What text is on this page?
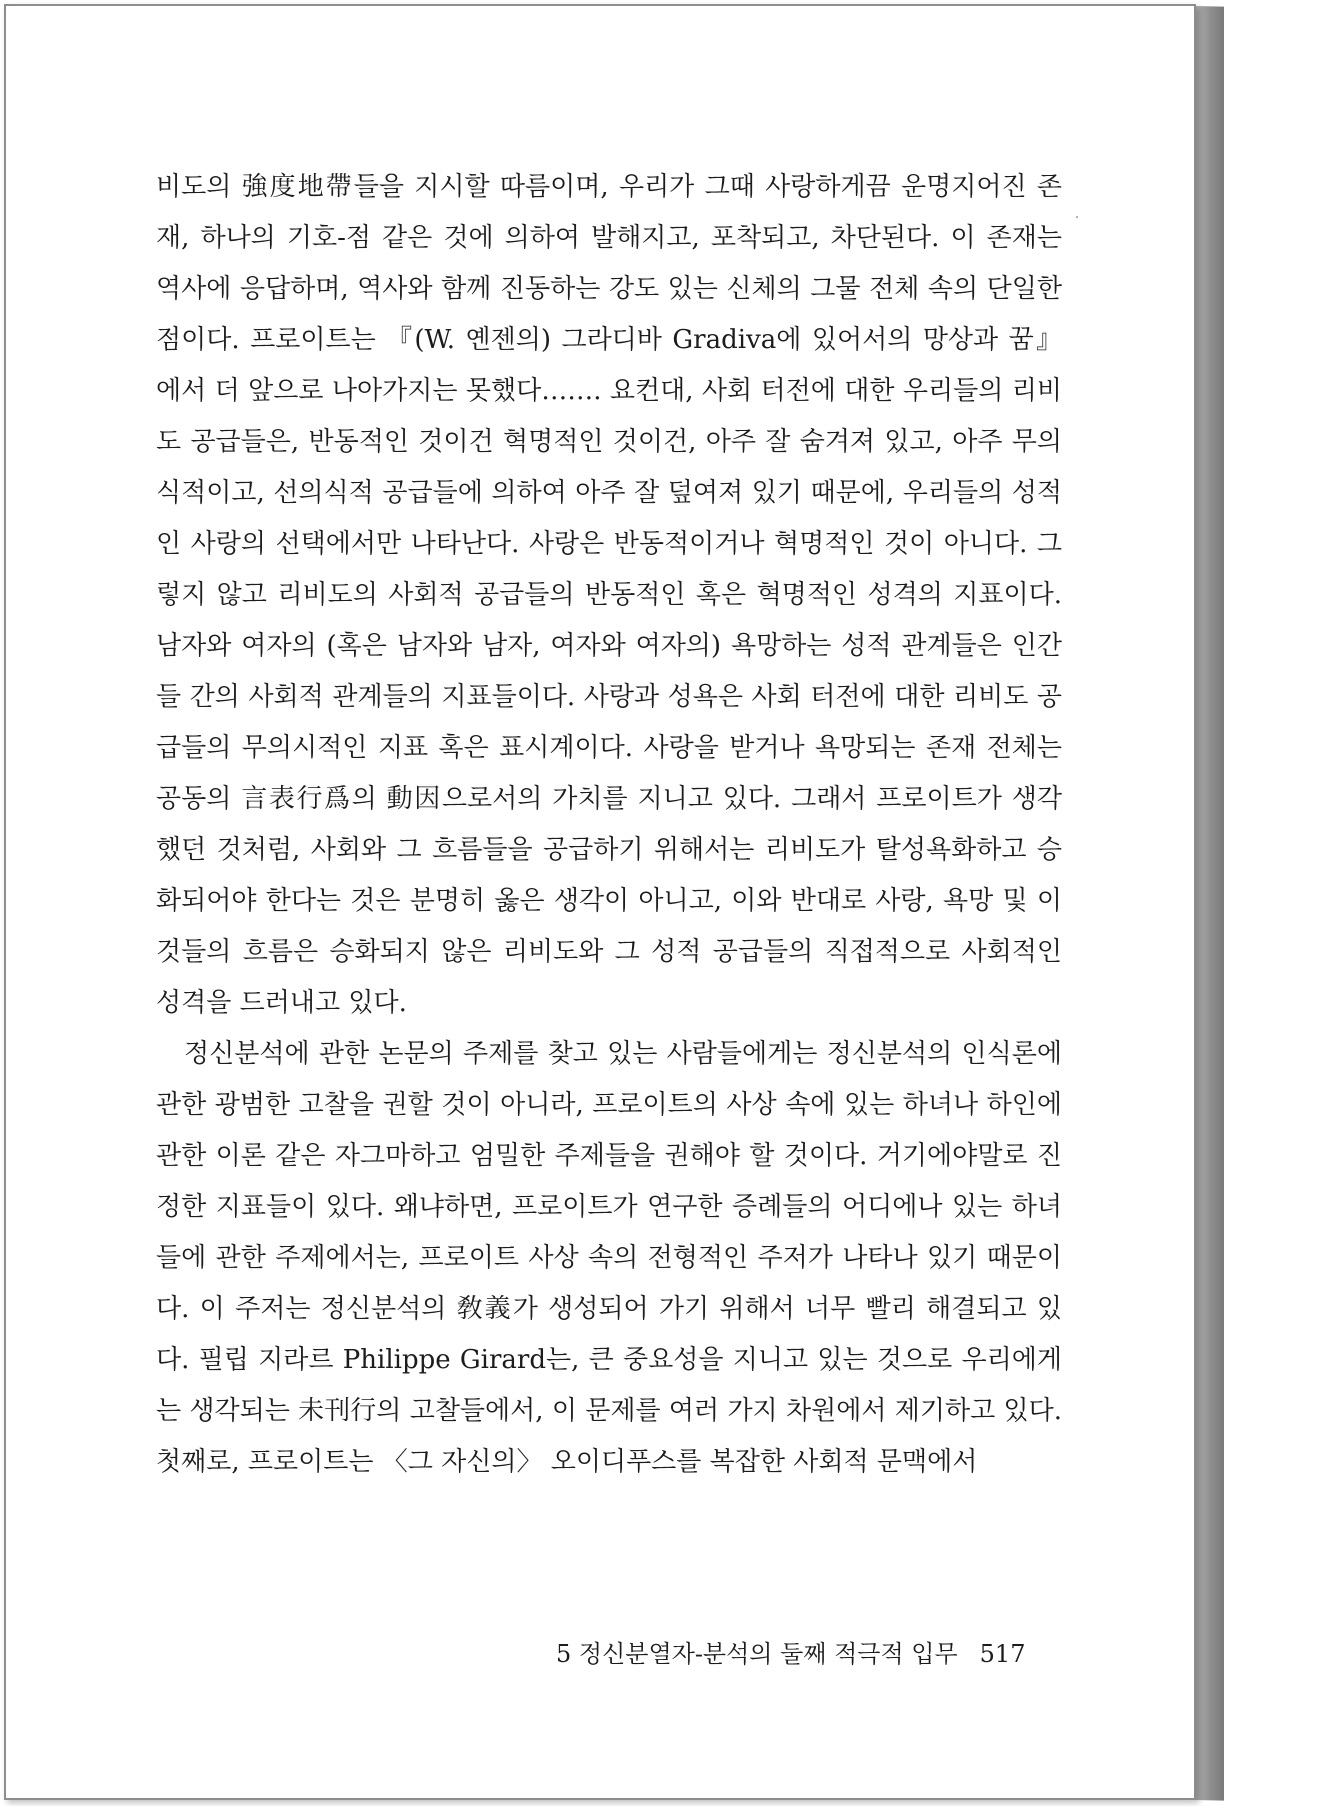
비도의 強度地帶들을 지시할 따름이며, 우리가 그때 사랑하게끔 운명지어진 존재, 하나의 기호-점 같은 것에 의하여 발해지고, 포착되고, 차단된다. 이 존재는 역사에 응답하며, 역사와 함께 진동하는 강도 있는 신체의 그물 전체 속의 단일한 점이다. 프로이트는 『(W. 옌젠의) 그라디바 Gradiva에 있어서의 망상과 꿈』에서 더 앞으로 나아가지는 못했다……. 요컨대, 사회 터전에 대한 우리들의 리비도 공급들은, 반동적인 것이건 혁명적인 것이건, 아주 잘 숨겨져 있고, 아주 무의식적이고, 선의식적 공급들에 의하여 아주 잘 덮여져 있기 때문에, 우리들의 성적인 사랑의 선택에서만 나타난다. 사랑은 반동적이거나 혁명적인 것이 아니다. 그렇지 않고 리비도의 사회적 공급들의 반동적인 혹은 혁명적인 성격의 지표이다. 남자와 여자의 (혹은 남자와 남자, 여자와 여자의) 욕망하는 성적 관계들은 인간들 간의 사회적 관계들의 지표들이다. 사랑과 성욕은 사회 터전에 대한 리비도 공급들의 무의시적인 지표 혹은 표시계이다. 사랑을 받거나 욕망되는 존재 전체는 공동의 言表行爲의 動因으로서의 가치를 지니고 있다. 그래서 프로이트가 생각했던 것처럼, 사회와 그 흐름들을 공급하기 위해서는 리비도가 탈성욕화하고 승화되어야 한다는 것은 분명히 옳은 생각이 아니고, 이와 반대로 사랑, 욕망 및 이것들의 흐름은 승화되지 않은 리비도와 그 성적 공급들의 직접적으로 사회적인 성격을 드러내고 있다.

정신분석에 관한 논문의 주제를 찾고 있는 사람들에게는 정신분석의 인식론에 관한 광범한 고찰을 권할 것이 아니라, 프로이트의 사상 속에 있는 하녀나 하인에 관한 이론 같은 자그마하고 엄밀한 주제들을 권해야 할 것이다. 거기에야말로 진정한 지표들이 있다. 왜냐하면, 프로이트가 연구한 증례들의 어디에나 있는 하녀들에 관한 주제에서는, 프로이트 사상 속의 전형적인 주저가 나타나 있기 때문이다. 이 주저는 정신분석의 敎義가 생성되어 가기 위해서 너무 빨리 해결되고 있다. 필립 지라르 Philippe Girard는, 큰 중요성을 지니고 있는 것으로 우리에게는 생각되는 未刊行의 고찰들에서, 이 문제를 여러 가지 차원에서 제기하고 있다. 첫째로, 프로이트는 〈그 자신의〉 오이디푸스를 복잡한 사회적 문맥에서

5 정신분열자-분석의 둘째 적극적 입무 517
